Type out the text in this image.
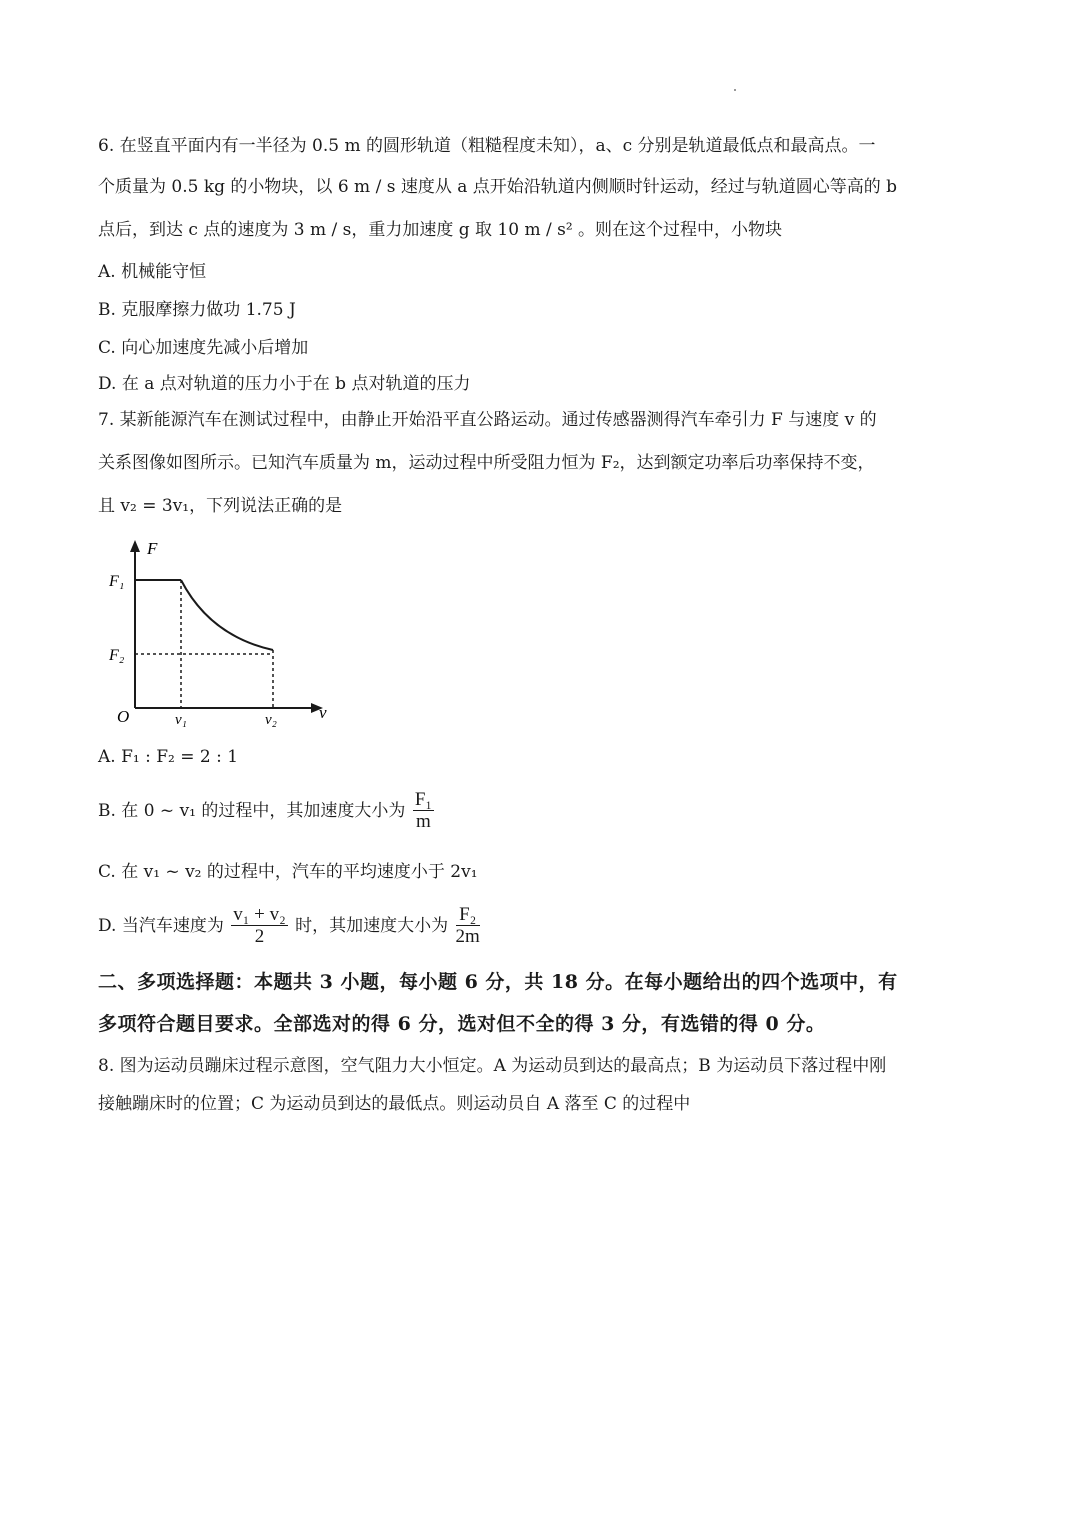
6. 在竖直平面内有一半径为 0.5 m 的圆形轨道（粗糙程度未知），a、c 分别是轨道最低点和最高点。一
个质量为 0.5 kg 的小物块，以 6 m / s 速度从 a 点开始沿轨道内侧顺时针运动，经过与轨道圆心等高的 b
点后，到达 c 点的速度为 3 m / s，重力加速度 g 取 10 m / s² 。则在这个过程中，小物块
A. 机械能守恒
B. 克服摩擦力做功 1.75 J
C. 向心加速度先减小后增加
D. 在 a 点对轨道的压力小于在 b 点对轨道的压力
7. 某新能源汽车在测试过程中，由静止开始沿平直公路运动。通过传感器测得汽车牵引力 F 与速度 v 的
关系图像如图所示。已知汽车质量为 m，运动过程中所受阻力恒为 F₂，达到额定功率后功率保持不变，
且 v₂ = 3v₁，下列说法正确的是
F
v
O
F₁
F₂
v₁	v₂
A. F₁ : F₂ = 2 : 1
B. 在 0 ~ v₁ 的过程中，其加速度大小为 $\frac{\text{F₁}}{m}$
C. 在 v₁ ~ v₂ 的过程中，汽车的平均速度小于 2v₁
D. 当汽车速度为 $\frac{\text{v₁ + v₂}}{2}$ 时，其加速度大小为 $\frac{\text{F₂}}{2m}$
二、多项选择题：本题共 3 小题，每小题 6 分，共 18 分。在每小题给出的四个选项中，有
多项符合题目要求。全部选对的得 6 分，选对但不全的得 3 分，有选错的得 0 分。
8. 图为运动员蹦床过程示意图，空气阻力大小恒定。A 为运动员到达的最高点；B 为运动员下落过程中刚
接触蹦床时的位置；C 为运动员到达的最低点。则运动员自 A 落至 C 的过程中
